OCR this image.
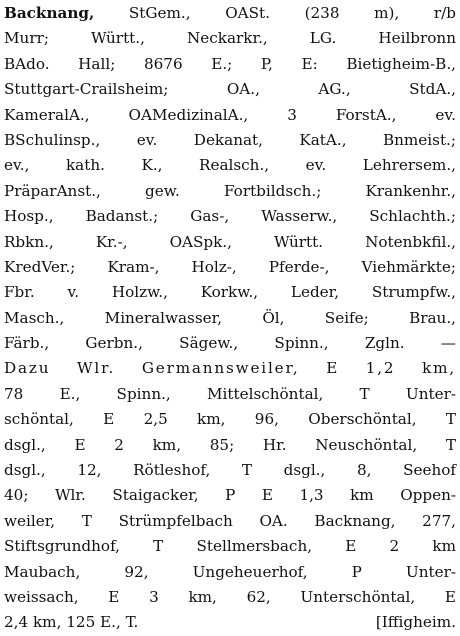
Backnang, StGem., OASt. (238 m), r/b
Murr; Württ., Neckarkr., LG. Heilbronn
BAdo. Hall; 8676 E.; P, E: Bietigheim-B.,
Stuttgart-Crailsheim; OA., AG., StdA.,
KameralA., OAMedizinalA., 3 ForstA., ev.
BSchulinsp., ev. Dekanat, KatA., Bnmeist.;
ev., kath. K., Realsch., ev. Lehrersem.,
PräparAnst., gew. Fortbildsch.; Krankenhr.,
Hosp., Badanst.; Gas-, Wasserw., Schlachth.;
Rbkn., Kr.-, OASpk., Württ. Notenbkfil.,
KredVer.; Kram-, Holz-, Pferde-, Viehmärkte;
Fbr. v. Holzw., Korkw., Leder, Strumpfw.,
Masch., Mineralwasser, Öl, Seife; Brau.,
Färb., Gerbn., Sägew., Spinn., Zgln. —
Dazu Wlr. Germannsweiler, E 1,2 km,
78 E., Spinn., Mittelschöntal, T Unter-
schöntal, E 2,5 km, 96, Oberschöntal, T
dsgl., E 2 km, 85; Hr. Neuschöntal, T
dsgl., 12, Rötleshof, T dsgl., 8, Seehof
40; Wlr. Staigacker, P E 1,3 km Oppen-
weiler, T Strümpfelbach OA. Backnang, 277,
Stiftsgrundhof, T Stellmersbach, E 2 km
Maubach, 92, Ungeheuerhof, P Unter-
weissach, E 3 km, 62, Unterschöntal, E
2,4 km, 125 E., T.	[Iffigheim.
